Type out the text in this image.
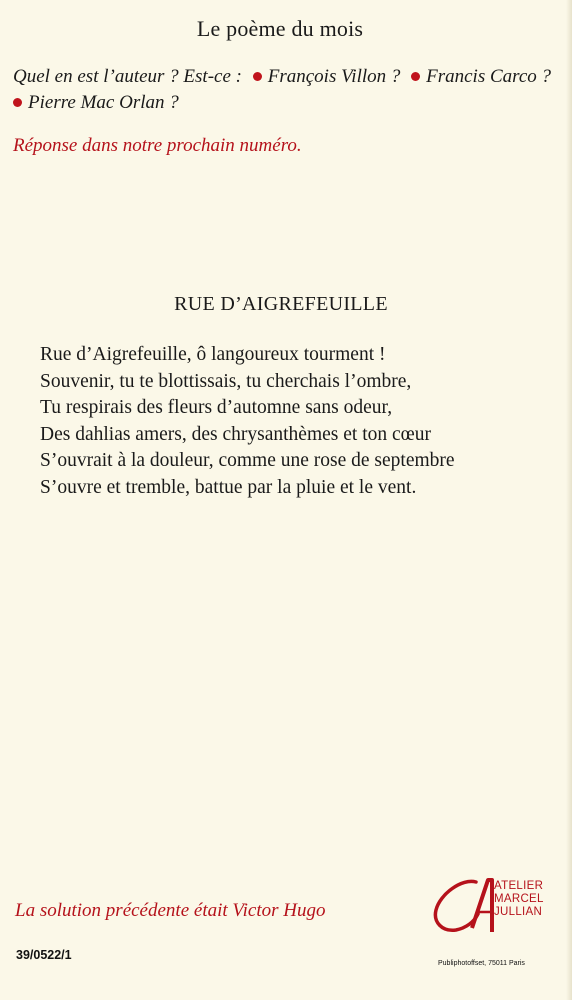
Le poème du mois
Quel en est l’auteur ? Est-ce : François Villon ? Francis Carco ?
Pierre Mac Orlan ?
Réponse dans notre prochain numéro.
RUE D’AIGREFEUILLE
Rue d’Aigrefeuille, ô langoureux tourment !
Souvenir, tu te blottissais, tu cherchais l’ombre,
Tu respirais des fleurs d’automne sans odeur,
Des dahlias amers, des chrysanthèmes et ton cœur
S’ouvrait à la douleur, comme une rose de septembre
S’ouvre et tremble, battue par la pluie et le vent.
La solution précédente était Victor Hugo
ATELIER
MARCEL
JULLIAN
39/0522/1
Publiphotoffset, 75011 Paris
